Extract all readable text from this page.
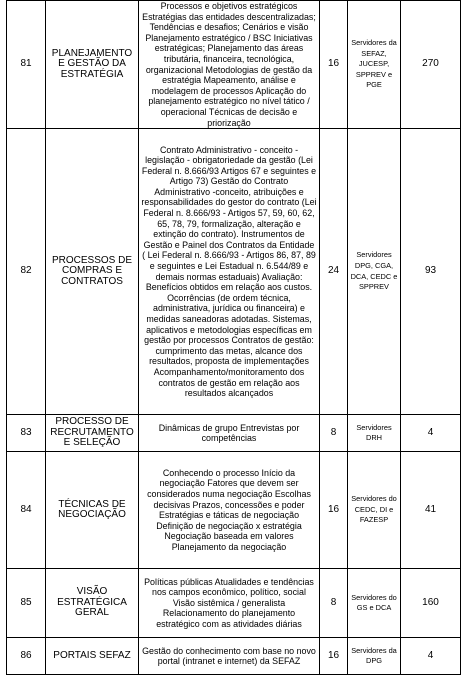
81	PLANEJAMENTO E GESTÃO DA ESTRATÉGIA	Processos e objetivos estratégicos Estratégias das entidades descentralizadas; Tendências e desafios; Cenários e visão Planejamento estratégico / BSC Iniciativas estratégicas; Planejamento das áreas tributária, financeira, tecnológica, organizacional Metodologias de gestão da estratégia Mapeamento, análise e modelagem de processos Aplicação do planejamento estratégico no nível tático / operacional Técnicas de decisão e priorização	16	Servidores da SEFAZ, JUCESP, SPPREV e PGE	270
82	PROCESSOS DE COMPRAS E CONTRATOS	Contrato Administrativo - conceito - legislação - obrigatoriedade da gestão (Lei Federal n. 8.666/93 Artigos 67 e seguintes e Artigo 73) Gestão do Contrato Administrativo -conceito, atribuições e responsabilidades do gestor do contrato (Lei Federal n. 8.666/93 - Artigos 57, 59, 60, 62, 65, 78, 79, formalização, alteração e extinção do contrato). Instrumentos de Gestão e Painel dos Contratos da Entidade ( Lei Federal n. 8.666/93 - Artigos 86, 87, 89 e seguintes e Lei Estadual n. 6.544/89 e demais normas estaduais) Avaliação: Benefícios obtidos em relação aos custos. Ocorrências (de ordem técnica, administrativa, jurídica ou financeira) e medidas saneadoras adotadas. Sistemas, aplicativos e metodologias específicas em gestão por processos Contratos de gestão: cumprimento das metas, alcance dos resultados, proposta de implementações Acompanhamento/monitoramento dos contratos de gestão em relação aos resultados alcançados	24	Servidores DPG, CGA, DCA, CEDC e SPPREV	93
83	PROCESSO DE RECRUTAMENTO E SELEÇÃO	Dinâmicas de grupo Entrevistas por competências	8	Servidores DRH	4
84	TÉCNICAS DE NEGOCIAÇÃO	Conhecendo o processo Início da negociação Fatores que devem ser considerados numa negociação Escolhas decisivas Prazos, concessões e poder Estratégias e táticas de negociação Definição de negociação x estratégia Negociação baseada em valores Planejamento da negociação	16	Servidores do CEDC, DI e FAZESP	41
85	VISÃO ESTRATÉGICA GERAL	Políticas públicas Atualidades e tendências nos campos econômico, político, social Visão sistêmica / generalista Relacionamento do planejamento estratégico com as atividades diárias	8	Servidores do GS e DCA	160
86	PORTAIS SEFAZ	Gestão do conhecimento com base no novo portal (intranet e internet) da SEFAZ	16	Servidores da DPG	4
